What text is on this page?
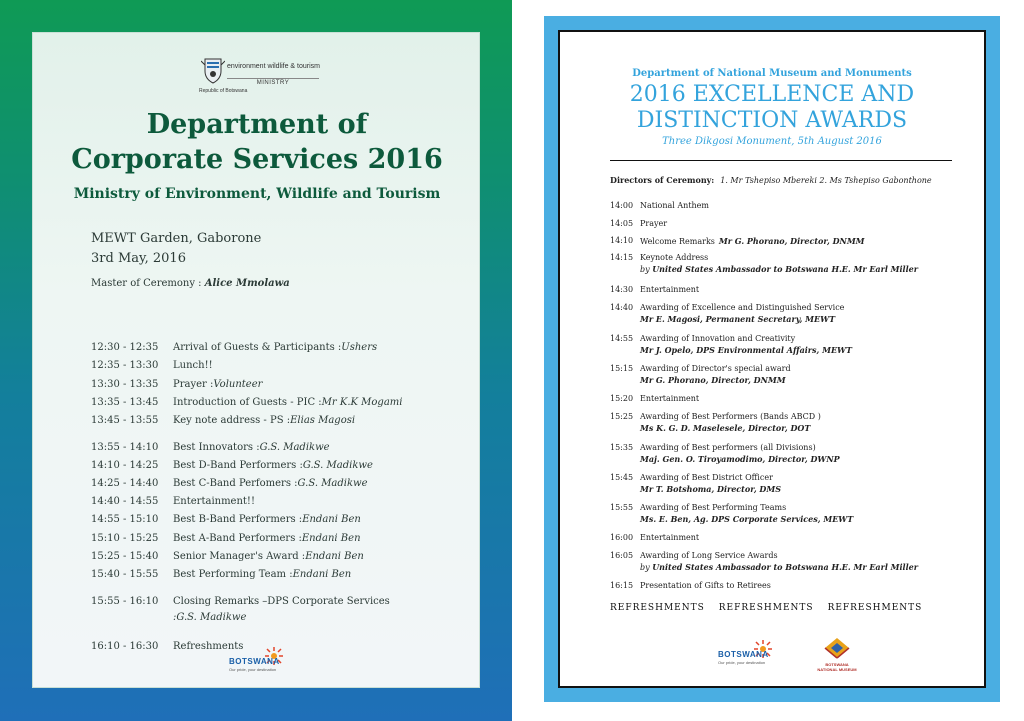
environment wildlife & tourism
MINISTRY
Republic of Botswana
Department of
Corporate Services 2016
Ministry of Environment, Wildlife and Tourism
MEWT Garden, Gaborone
3rd May, 2016
Master of Ceremony : Alice Mmolawa
12:30 - 12:35 Arrival of Guests & Participants :Ushers
12:35 - 13:30 Lunch!!
13:30 - 13:35 Prayer :Volunteer
13:35 - 13:45 Introduction of Guests - PIC :Mr K.K Mogami
13:45 - 13:55 Key note address - PS :Elias Magosi
13:55 - 14:10 Best Innovators :G.S. Madikwe
14:10 - 14:25 Best D-Band Performers :G.S. Madikwe
14:25 - 14:40 Best C-Band Perfomers :G.S. Madikwe
14:40 - 14:55 Entertainment!!
14:55 - 15:10 Best B-Band Performers :Endani Ben
15:10 - 15:25 Best A-Band Performers :Endani Ben
15:25 - 15:40 Senior Manager's Award :Endani Ben
15:40 - 15:55 Best Performing Team :Endani Ben
15:55 - 16:10 Closing Remarks –DPS Corporate Services
:G.S. Madikwe
16:10 - 16:30 Refreshments
BOTSWANA
Our pride, your destination
Department of National Museum and Monuments
2016 EXCELLENCE AND
DISTINCTION AWARDS
Three Dikgosi Monument, 5th August 2016
Directors of Ceremony: 1. Mr Tshepiso Mbereki 2. Ms Tshepiso Gabonthone
14:00 National Anthem
14:05 Prayer
14:10 Welcome Remarks Mr G. Phorano, Director, DNMM
14:15 Keynote Address
by United States Ambassador to Botswana H.E. Mr Earl Miller
14:30 Entertainment
14:40 Awarding of Excellence and Distinguished Service
Mr E. Magosi, Permanent Secretary, MEWT
14:55 Awarding of Innovation and Creativity
Mr J. Opelo, DPS Environmental Affairs, MEWT
15:15 Awarding of Director's special award
Mr G. Phorano, Director, DNMM
15:20 Entertainment
15:25 Awarding of Best Performers (Bands ABCD )
Ms K. G. D. Maselesele, Director, DOT
15:35 Awarding of Best performers (all Divisions)
Maj. Gen. O. Tiroyamodimo, Director, DWNP
15:45 Awarding of Best District Officer
Mr T. Botshoma, Director, DMS
15:55 Awarding of Best Performing Teams
Ms. E. Ben, Ag. DPS Corporate Services, MEWT
16:00 Entertainment
16:05 Awarding of Long Service Awards
by United States Ambassador to Botswana H.E. Mr Earl Miller
16:15 Presentation of Gifts to Retirees
REFRESHMENTS REFRESHMENTS REFRESHMENTS
BOTSWANA
Our pride, your destination	BOTSWANA NATIONAL MUSEUM
